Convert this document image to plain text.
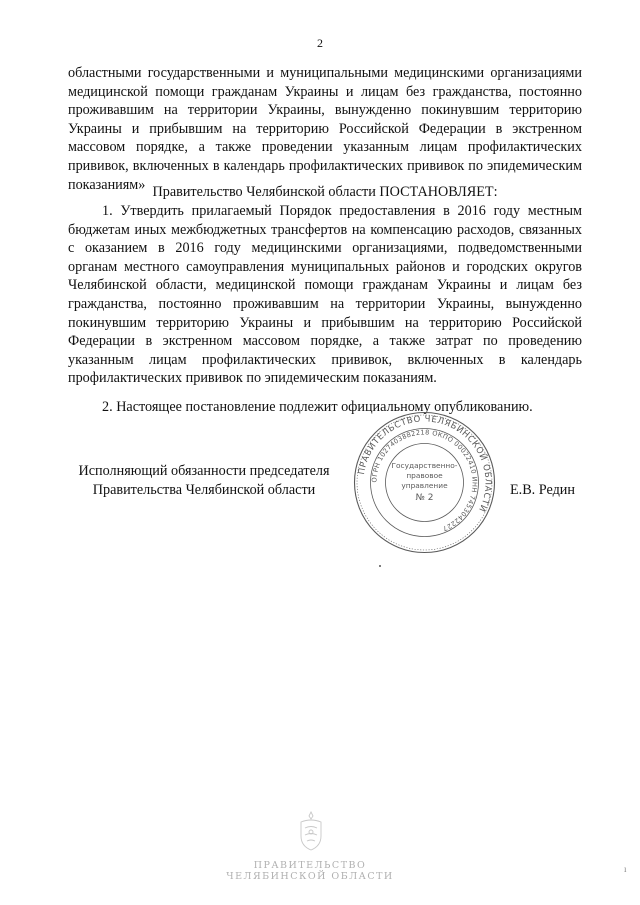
2

областными государственными и муниципальными медицинскими организациями медицинской помощи гражданам Украины и лицам без гражданства, постоянно проживавшим на территории Украины, вынужденно покинувшим территорию Украины и прибывшим на территорию Российской Федерации в экстренном массовом порядке, а также проведении указанным лицам профилактических прививок, включенных в календарь профилактических прививок по эпидемическим показаниям» Правительство Челябинской области ПОСТАНОВЛЯЕТ:

1. Утвердить прилагаемый Порядок предоставления в 2016 году местным бюджетам иных межбюджетных трансфертов на компенсацию расходов, связанных с оказанием в 2016 году медицинскими организациями, подведомственными органам местного самоуправления муниципальных районов и городских округов Челябинской области, медицинской помощи гражданам Украины и лицам без гражданства, постоянно проживавшим на территории Украины, вынужденно покинувшим территорию Украины и прибывшим на территорию Российской Федерации в экстренном массовом порядке, а также затрат по проведению указанным лицам профилактических прививок, включенных в календарь профилактических прививок по эпидемическим показаниям.

2. Настоящее постановление подлежит официальному опубликованию.

Исполняющий обязанности председателя
Правительства Челябинской области	Е.В. Редин
ПРАВИТЕЛЬСТВО ЧЕЛЯБИНСКОЙ ОБЛАСТИ
ОГРН 1027403882218 ОКПО 00022410 ИНН 7453042227
Государственно-
правовое
управление
№ 2
ПРАВИТЕЛЬСТВО
ЧЕЛЯБИНСКОЙ ОБЛАСТИ
ı
